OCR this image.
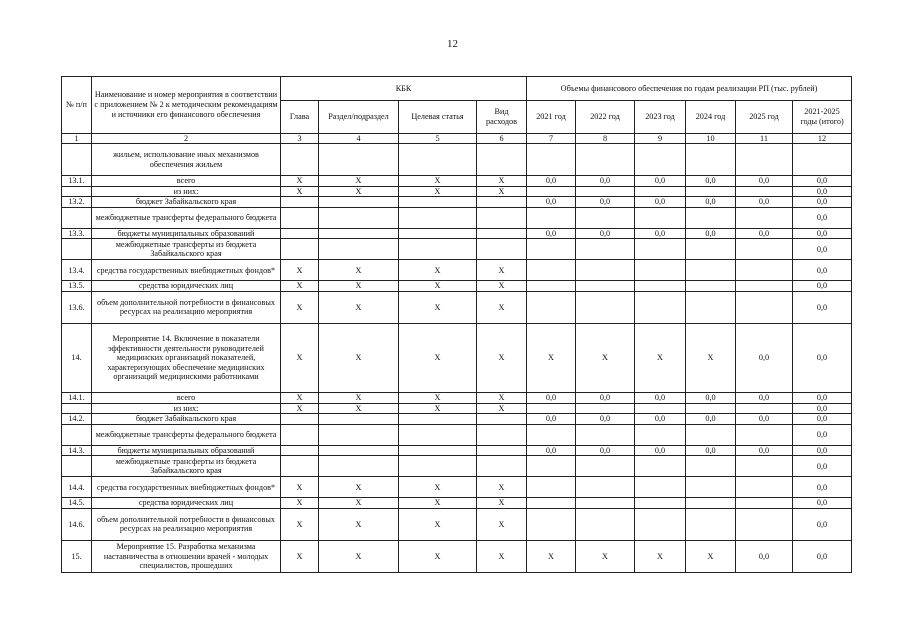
12
№ п/п	Наименование и номер мероприятия в соответствии с приложением № 2 к методическим рекомендациям и источники его финансового обеспечения	КБК				Объемы финансового обеспечения по годам реализации РП (тыс. рублей)					
		Глава	Раздел/подраздел	Целевая статья	Вид расходов	2021 год	2022 год	2023 год	2024 год	2025 год	2021-2025 годы (итого)
1	2	3	4	5	6	7	8	9	10	11	12
	жильем, использование иных механизмов обеспечения жильем										
13.1.	всего	X	X	X	X	0,0	0,0	0,0	0,0	0,0	0,0
	из них:	X	X	X	X						0,0
13.2.	бюджет Забайкальского края					0,0	0,0	0,0	0,0	0,0	0,0
	межбюджетные трансферты федерального бюджета										0,0
13.3.	бюджеты муниципальных образований					0,0	0,0	0,0	0,0	0,0	0,0
	межбюджетные трансферты из бюджета Забайкальского края										0,0
13.4.	средства государственных внебюджетных фондов*	X	X	X	X						0,0
13.5.	средства юридических лиц	X	X	X	X						0,0
13.6.	объем дополнительной потребности в финансовых ресурсах на реализацию мероприятия	X	X	X	X						0,0
14.	Мероприятие 14. Включение в показатели эффективности деятельности руководителей медицинских организаций показателей, характеризующих обеспечение медицинских организаций медицинскими работниками	X	X	X	X	X	X	X	X	0,0	0,0
14.1.	всего	X	X	X	X	0,0	0,0	0,0	0,0	0,0	0,0
	из них:	X	X	X	X						0,0
14.2.	бюджет Забайкальского края					0,0	0,0	0,0	0,0	0,0	0,0
	межбюджетные трансферты федерального бюджета										0,0
14.3.	бюджеты муниципальных образований					0,0	0,0	0,0	0,0	0,0	0,0
	межбюджетные трансферты из бюджета Забайкальского края										0,0
14.4.	средства государственных внебюджетных фондов*	X	X	X	X						0,0
14.5.	средства юридических лиц	X	X	X	X						0,0
14.6.	объем дополнительной потребности в финансовых ресурсах на реализацию мероприятия	X	X	X	X						0,0
15.	Мероприятие 15. Разработка механизма наставничества в отношении врачей - молодых специалистов, прошедших	X	X	X	X	X	X	X	X	0,0	0,0
